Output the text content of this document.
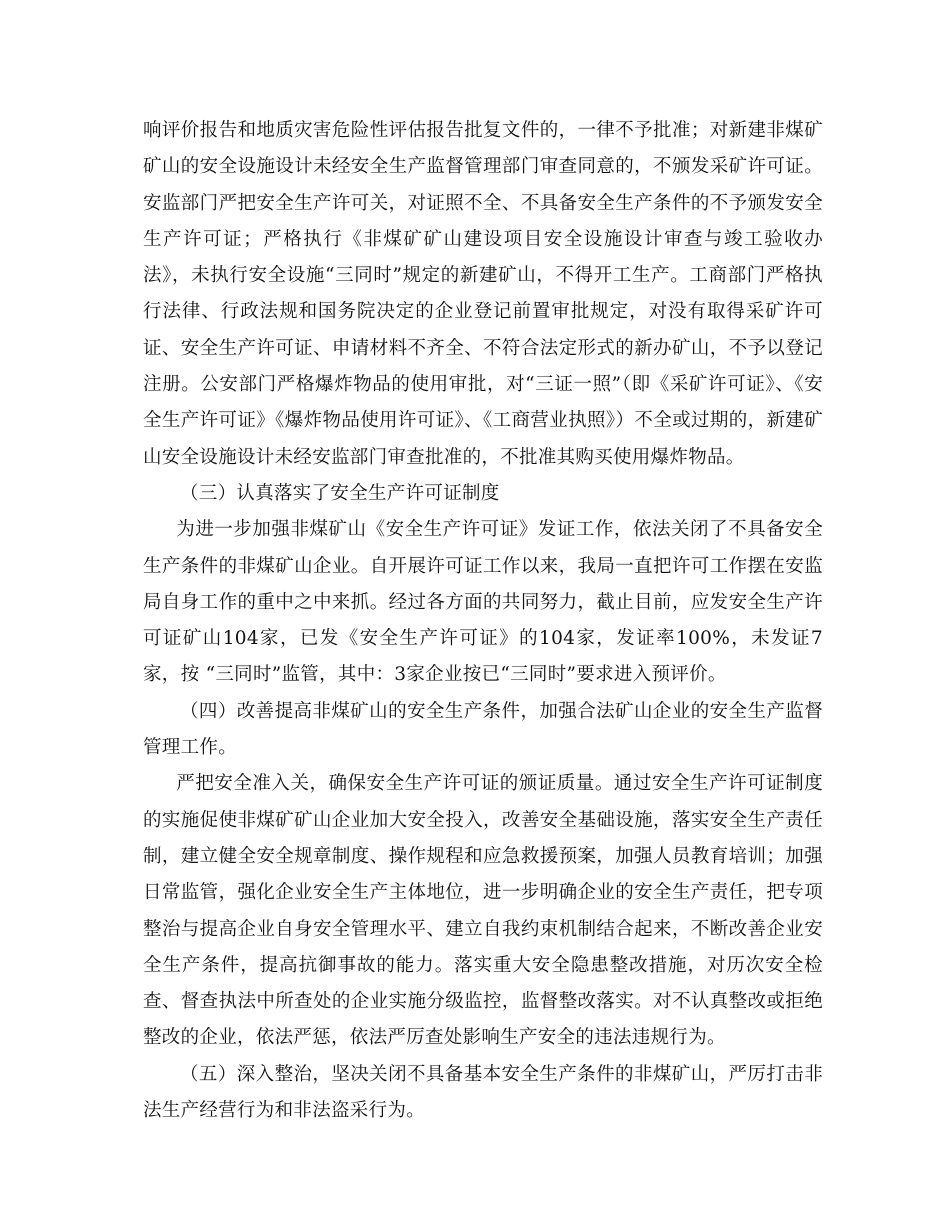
响评价报告和地质灾害危险性评估报告批复文件的，一律不予批准；对新建非煤矿矿山的安全设施设计未经安全生产监督管理部门审查同意的，不颁发采矿许可证。安监部门严把安全生产许可关，对证照不全、不具备安全生产条件的不予颁发安全生产许可证；严格执行《非煤矿矿山建设项目安全设施设计审查与竣工验收办法》，未执行安全设施“三同时”规定的新建矿山，不得开工生产。工商部门严格执行法律、行政法规和国务院决定的企业登记前置审批规定，对没有取得采矿许可证、安全生产许可证、申请材料不齐全、不符合法定形式的新办矿山，不予以登记注册。公安部门严格爆炸物品的使用审批，对“三证一照”（即《采矿许可证》、《安全生产许可证》《爆炸物品使用许可证》、《工商营业执照》）不全或过期的，新建矿山安全设施设计未经安监部门审查批准的，不批准其购买使用爆炸物品。

（三）认真落实了安全生产许可证制度

为进一步加强非煤矿山《安全生产许可证》发证工作，依法关闭了不具备安全生产条件的非煤矿山企业。自开展许可证工作以来，我局一直把许可工作摆在安监局自身工作的重中之中来抓。经过各方面的共同努力，截止目前，应发安全生产许可证矿山104家，已发《安全生产许可证》的104家，发证率100%，未发证7家，按 “三同时”监管，其中：3家企业按已“三同时”要求进入预评价。

（四）改善提高非煤矿山的安全生产条件，加强合法矿山企业的安全生产监督管理工作。

严把安全准入关，确保安全生产许可证的颁证质量。通过安全生产许可证制度的实施促使非煤矿矿山企业加大安全投入，改善安全基础设施，落实安全生产责任制，建立健全安全规章制度、操作规程和应急救援预案，加强人员教育培训；加强日常监管，强化企业安全生产主体地位，进一步明确企业的安全生产责任，把专项整治与提高企业自身安全管理水平、建立自我约束机制结合起来，不断改善企业安全生产条件，提高抗御事故的能力。落实重大安全隐患整改措施，对历次安全检查、督查执法中所查处的企业实施分级监控，监督整改落实。对不认真整改或拒绝整改的企业，依法严惩，依法严厉查处影响生产安全的违法违规行为。

（五）深入整治，坚决关闭不具备基本安全生产条件的非煤矿山，严厉打击非法生产经营行为和非法盗采行为。
